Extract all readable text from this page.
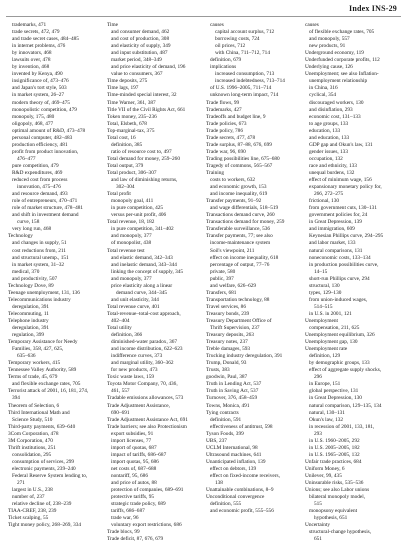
Index INS-29
trademarks, 471
trade secrets, 472, 479
and trade secret cases, 484–485
in internet problems, 476
by innovators, 468
lawsuits over, 478
by invention, 468
invented by Kenya, 490
insignificance of, 473–476
and Japan's tort style, 503
in market system, 26–27
modern theory of, 469–475
monopolistic competition, 479
monopoly, 175, 480
oligopoly, 468, 477
optimal amount of R&D, 473–478
personal computer, 482–483
production efficiency, 481
profit from product innovation,
476–477
pure competition, 479
R&D expenditures, 469
reduced cost from process
innovation, 475–476
and resource demand, 493
role of entrepreneurs, 470–471
role of market structure, 478–481
and shift in investment demand
curve, 158
very long run, 468
Technology
and changes in supply, 51
cost reductions from, 211
and structural unemp., 151
in market system, 31–32
medical, 370
and productivity, 507
Technology Dove, 89
Teenage unemployment, 131, 136
Telecommunications industry
deregulation, 391
Telecommuting, 11
Telephone industry
deregulation, 391
regulation, 399
Temporary Assistance for Needy
Families, 358, 427, 625,
635–636
Temporary workers, 415
Tennessee Valley Authority, 589
Terms of trade, 45, 679
and flexible exchange rates, 705
Terrorist attack of 2001, 16, 181, 274,
394
Theorem of Selection, 6
Third International Math and
Science Study, 510
Third-party payments, 639–640
3Com Corporation, 478
3M Corporation, 470
Thrift institutions, 251
consolidation, 295
consumption of services, 299
electronic payments, 239–240
Federal Reserve System lending to,
271
largest in U.S., 238
number of, 237
relative decline of, 238–239
TIAA-CREF, 238, 239
Ticket scalping, 55
Tight money policy, 268–269, 334
Time
and consumer demand, 462
and cost of production, 308
and elasticity of supply, 349
and input substitution, 487
market period, 348–349
and price elasticity of demand, 196
value to consumers, 367
Time deposits, 275
Time lags, 197
Time-minded special interest, 32
Time Warner, 361, 387
Title VII of the Civil Rights Act, 661
Token money, 235–236
Total, Elsbeth, 678
Top-marginal-tax, 375
Total cost, 16
definition, 385
ratio of resource cost to, 497
Total demand for money, 259–260
Total output, 379
Total product, 306–307
and law of diminishing returns,
302–304
Total profit
monopoly goal, 411
in pure competition, 425
versus per-unit profit, 406
Total revenue, 18, 182
in pure competition, 341–402
and monopoly, 377
of monopolist, 438
Total revenue test
and elastic demand, 342–343
and inelastic demand, 343–344
linking the concept of supply, 345
and monopoly, 377
price elasticity along a linear
demand curve, 344–345
and unit elasticity, 344
Total revenue curve, 401
Total-revenue–total-cost approach,
402–404
Total utility
definition, 366
diminished-water paradox, 367
and income distribution, 622–623
indifference curves, 373
and marginal utility, 360–362
for new products, 473
Toxic waste laws, 159
Toyota Motor Company, 70, 436,
461, 557
Tradable emissions allowances, 573
Trade Adjustment Assistance,
690–691
Trade Adjustment Assistance Act, 691
Trade barriers; see also Protectionism
export subsidies, 91
import licenses, 77
import of quotas, 687
impact of tariffs, 686–687
import quotas, 95, 686
net costs of, 687–688
nontariff, 95, 686
and price of autos, 88
protection of companies, 689–691
protective tariffs, 95
strategic trade policy, 689
tariffs, 686–687
trade war, 96
voluntary export restrictions, 686
Trade blocs, 99
Trade deficit, 87, 676, 679
causes
capital account surplus, 712
borrowing costs, 724
oil prices, 712
with China, 711–712, 714
definition, 679
implications
increased consumption, 713
increased indebtedness, 713–714
of U.S. 1996–2005, 711–714
unknown long-term impact, 714
Trade flows, 99
Trademarks, 427
Tradeoffs and budget line, 9
Trade policies, 673
Trade policy, 786
Trade secrets, 477, 478
Trade surplus, 87–88, 676, 699
Trade war, 96, 690
Trading possibilities line, 675–680
Tragedy of commons, 565–567
Training
costs to workers, 632
and economic growth, 153
and income inequality, 619
Transfer payments, 91–92
and wage differentials, 518–519
Transactions demand curve, 260
Transactions demand for money, 259
Transferable surveillance, 536
Transfer payments, 77; see also
income-maintenance system
Soil's viewpoint, 211
effect on income inequality, 618
percentage of output, 77–76
private, 580
public, 397
and welfare, 626–629
Transfers, 681
Transportation technology, 88
Travel services, 86
Treasury bonds, 239
Treasury Department Office of
Thrift Supervision, 237
Treasury deposits, 263
Treasury notes, 237
Treble damages, 593
Trucking industry deregulation, 391
Trump, Donald, 93
Trusts, 383
goodwin, Paul, 387
Truth in Lending Act, 537
Truth in Saving Act, 537
Turnover, 376, 458–459
Towns, Monica, 491
Tying contracts
definition, 591
effectiveness of antitrust, 598
Tyson Foods, 399
UBS, 237
UCLM International, 98
Ultrasound machines, 641
Unanticipated inflation, 139
effect on debtors, 139
effect on fixed-income receivers,
138
Unattainable combinations, 8–9
Unconditional convergence
definition, 555
and economic profit, 555–556
causes
of flexible exchange rates, 705
and monopoly, 557
new products, 91
Underground economy, 119
Underfunded corporate profits, 112
Underlying cause, 126
Unemployment; see also Inflation-
unemployment relationship
in China, 316
cyclical, 354
discouraged workers, 130
and disinflation, 293
economic cost, 131–133
to age groups, 133
education, 133
and education, 133
GDP gap and Okun's law, 131
gender issues, 133
occupation, 132
race and ethnicity, 133
unequal burdens, 132
effect of minimum wage, 156
expansionary monetary policy for,
266, 272–275
frictional, 130
from government cuts, 130–131
government policies for, 24
in Great Depression, 139
and immigration, 609
Keynesian Phillips curve, 294–295
and labor market, 133
natural comparisons, 131
noneconomic costs, 133–134
in production possibilities curve,
14–15
short-run Phillips curve, 294
structural, 130
types, 129–130
from union-induced wages,
514–515
in U.S. in 2001, 121
Unemployment
compensation, 211, 625
Unemployment equilibrium, 326
Unemployment gap, 130
Unemployment rate
definition, 129
by demographic groups, 133
effect of aggregate supply shocks,
296
in Europe, 151
global perspective, 131
in Great Depression, 130
natural comparison, 129–135, 134
natural, 130–131
Okun's law, 132
in recession of 2001, 133, 181,
293
in U.S. 1960–2005, 292
in U.S. 2005–2005, 182
in U.S. 1965–2005, 132
Unfair trade practices, 684
Uniform Money, 6
Unilever, 99, 435
Uninsurable risks, 535–536
Unions; see also Labor unions
bilateral monopoly model,
515
monopsony equivalent
hypothesis, 651
Uncertainty
structural-change hypothesis,
651
